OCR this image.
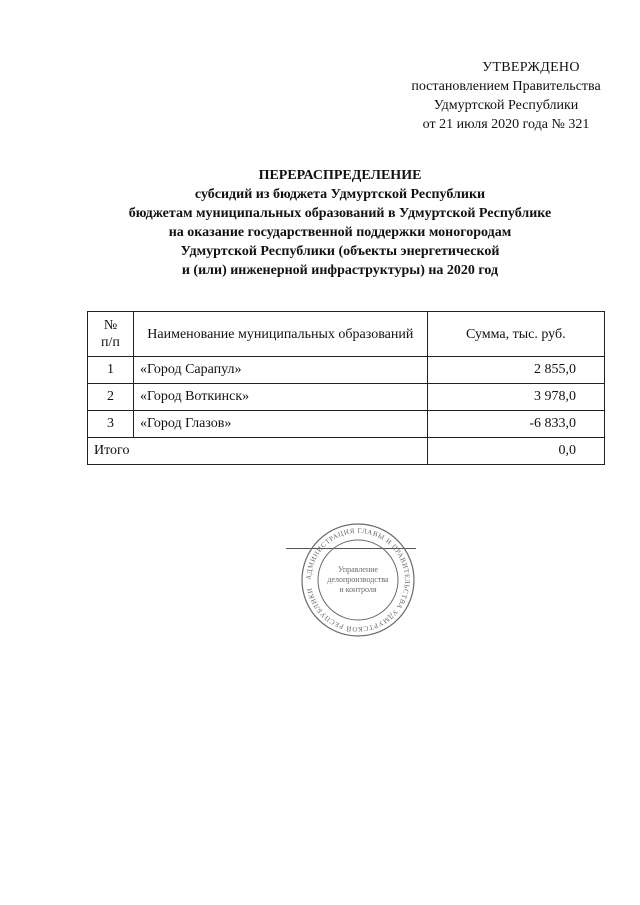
УТВЕРЖДЕНО
постановлением Правительства
Удмуртской Республики
от 21 июля 2020 года № 321
ПЕРЕРАСПРЕДЕЛЕНИЕ
субсидий из бюджета Удмуртской Республики
бюджетам муниципальных образований в Удмуртской Республике
на оказание государственной поддержки моногородам
Удмуртской Республики (объекты энергетической
и (или) инженерной инфраструктуры) на 2020 год
№
п/п	Наименование муниципальных образований	Сумма, тыс. руб.
1	«Город Сарапул»	2 855,0
2	«Город Воткинск»	3 978,0
3	«Город Глазов»	-6 833,0
Итого		0,0
АДМИНИСТРАЦИЯ ГЛАВЫ И ПРАВИТЕЛЬСТВА УДМУРТСКОЙ РЕСПУБЛИКИ
Управление
делопроизводства
и контроля
